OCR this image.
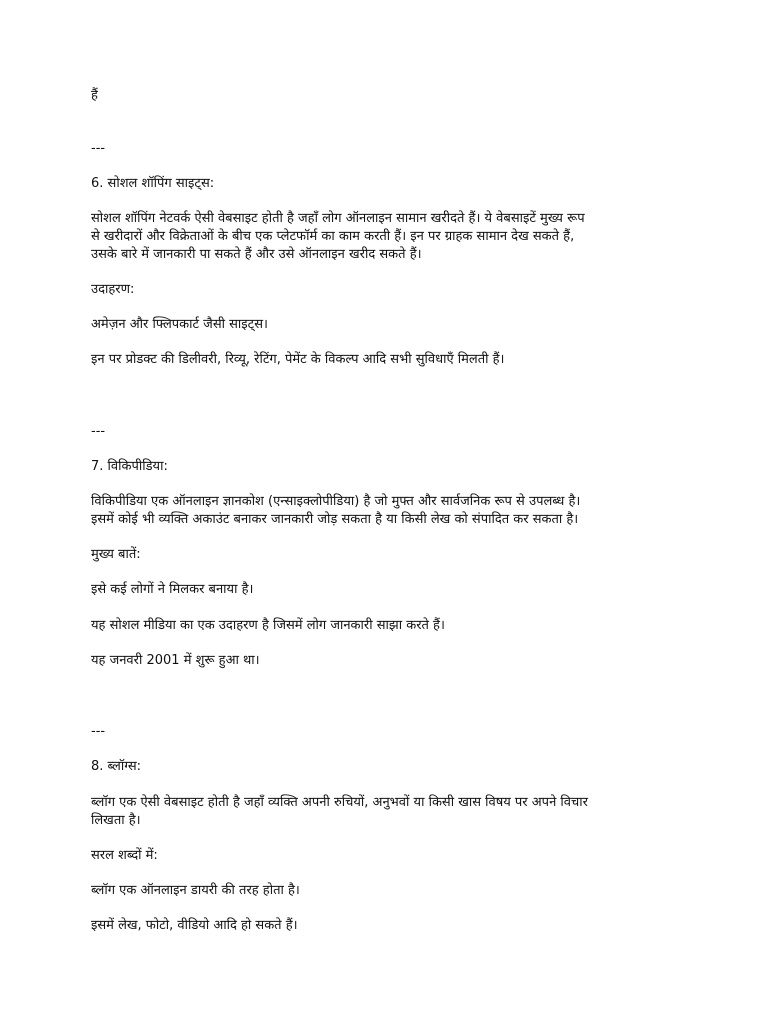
हैं
---
6. सोशल शॉपिंग साइट्स:
सोशल शॉपिंग नेटवर्क ऐसी वेबसाइट होती है जहाँ लोग ऑनलाइन सामान खरीदते हैं। ये वेबसाइटें मुख्य रूप
से खरीदारों और विक्रेताओं के बीच एक प्लेटफॉर्म का काम करती हैं। इन पर ग्राहक सामान देख सकते हैं,
उसके बारे में जानकारी पा सकते हैं और उसे ऑनलाइन खरीद सकते हैं।
उदाहरण:
अमेज़न और फ्लिपकार्ट जैसी साइट्स।
इन पर प्रोडक्ट की डिलीवरी, रिव्यू, रेटिंग, पेमेंट के विकल्प आदि सभी सुविधाएँ मिलती हैं।
---
7. विकिपीडिया:
विकिपीडिया एक ऑनलाइन ज्ञानकोश (एन्साइक्लोपीडिया) है जो मुफ्त और सार्वजनिक रूप से उपलब्ध है।
इसमें कोई भी व्यक्ति अकाउंट बनाकर जानकारी जोड़ सकता है या किसी लेख को संपादित कर सकता है।
मुख्य बातें:
इसे कई लोगों ने मिलकर बनाया है।
यह सोशल मीडिया का एक उदाहरण है जिसमें लोग जानकारी साझा करते हैं।
यह जनवरी 2001 में शुरू हुआ था।
---
8. ब्लॉग्स:
ब्लॉग एक ऐसी वेबसाइट होती है जहाँ व्यक्ति अपनी रुचियों, अनुभवों या किसी खास विषय पर अपने विचार
लिखता है।
सरल शब्दों में:
ब्लॉग एक ऑनलाइन डायरी की तरह होता है।
इसमें लेख, फोटो, वीडियो आदि हो सकते हैं।
